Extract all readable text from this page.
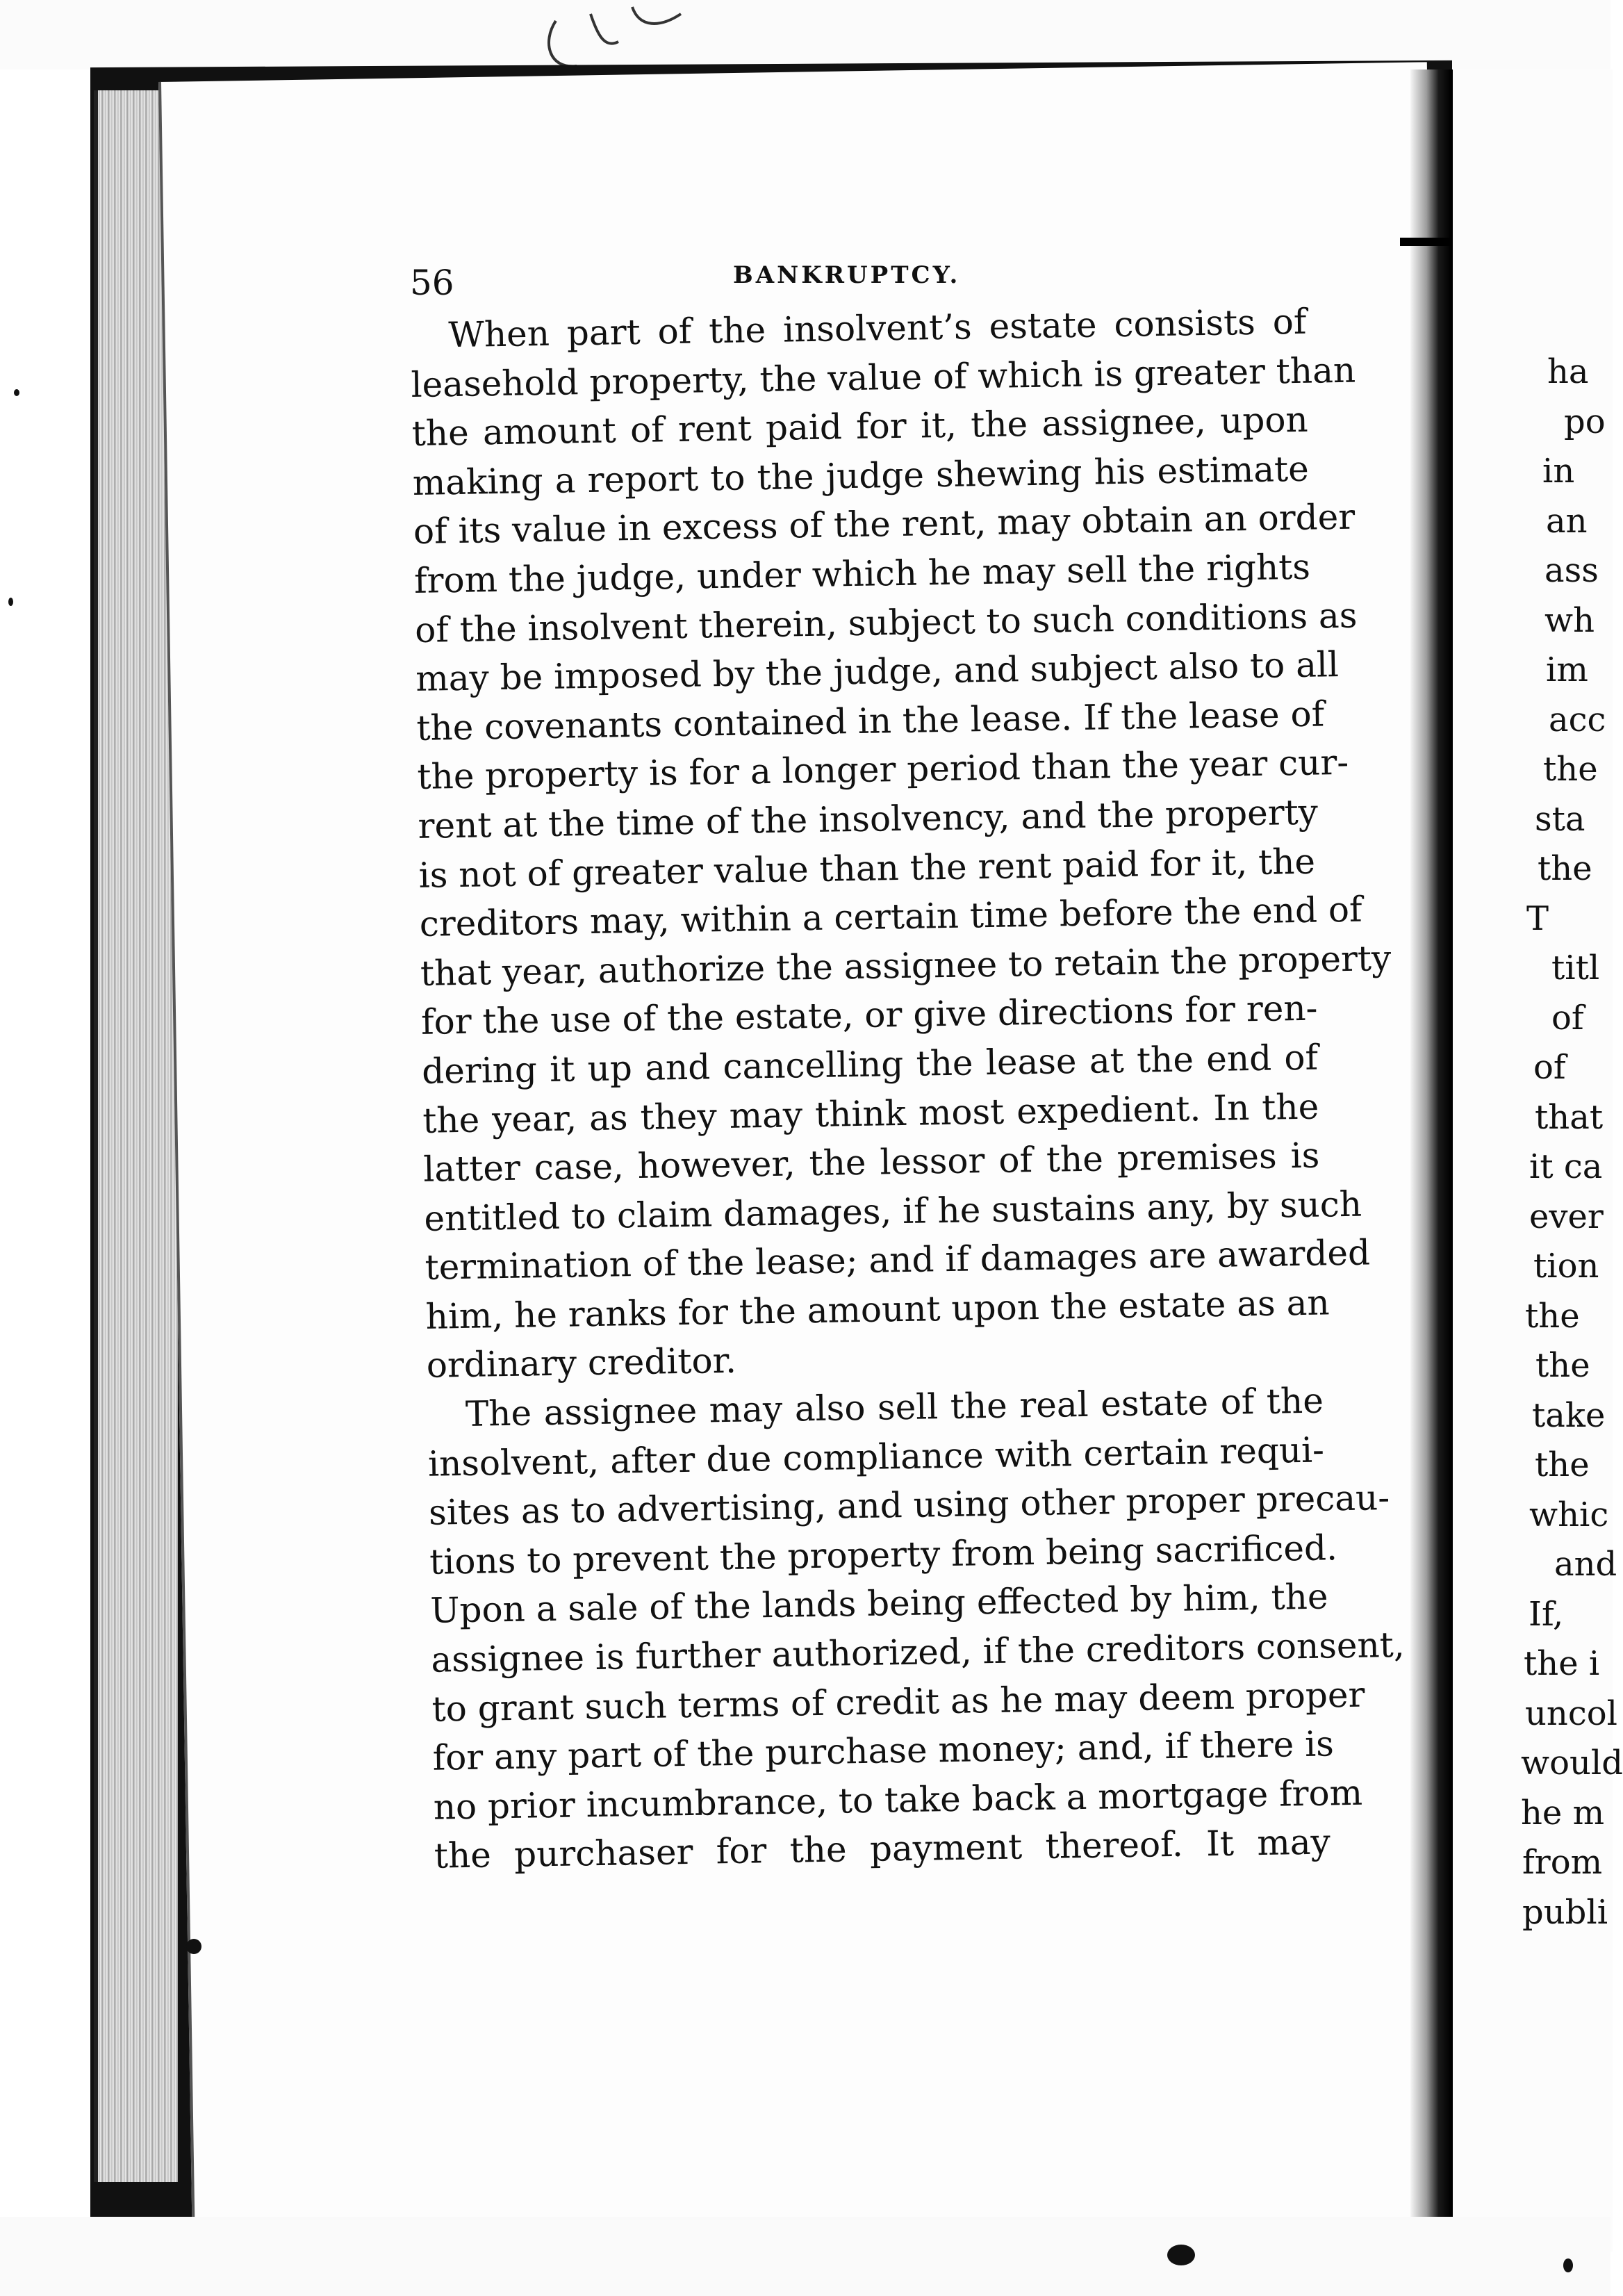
56	BANKRUPTCY.
When part of the insolvent’s estate consists of
leasehold property, the value of which is greater than
the amount of rent paid for it, the assignee, upon
making a report to the judge shewing his estimate
of its value in excess of the rent, may obtain an order
from the judge, under which he may sell the rights
of the insolvent therein, subject to such conditions as
may be imposed by the judge, and subject also to all
the covenants contained in the lease. If the lease of
the property is for a longer period than the year cur-
rent at the time of the insolvency, and the property
is not of greater value than the rent paid for it, the
creditors may, within a certain time before the end of
that year, authorize the assignee to retain the property
for the use of the estate, or give directions for ren-
dering it up and cancelling the lease at the end of
the year, as they may think most expedient. In the
latter case, however, the lessor of the premises is
entitled to claim damages, if he sustains any, by such
termination of the lease; and if damages are awarded
him, he ranks for the amount upon the estate as an
ordinary creditor.
The assignee may also sell the real estate of the
insolvent, after due compliance with certain requi-
sites as to advertising, and using other proper precau-
tions to prevent the property from being sacrificed.
Upon a sale of the lands being effected by him, the
assignee is further authorized, if the creditors consent,
to grant such terms of credit as he may deem proper
for any part of the purchase money; and, if there is
no prior incumbrance, to take back a mortgage from
the purchaser for the payment thereof. It may
ha
po
in
an
ass
wh
im
acc
the
sta
the
T
titl
of
of
that
it ca
ever
tion
the
the
take
the
whic
and
If,
the i
uncol
would
he m
from
publi
